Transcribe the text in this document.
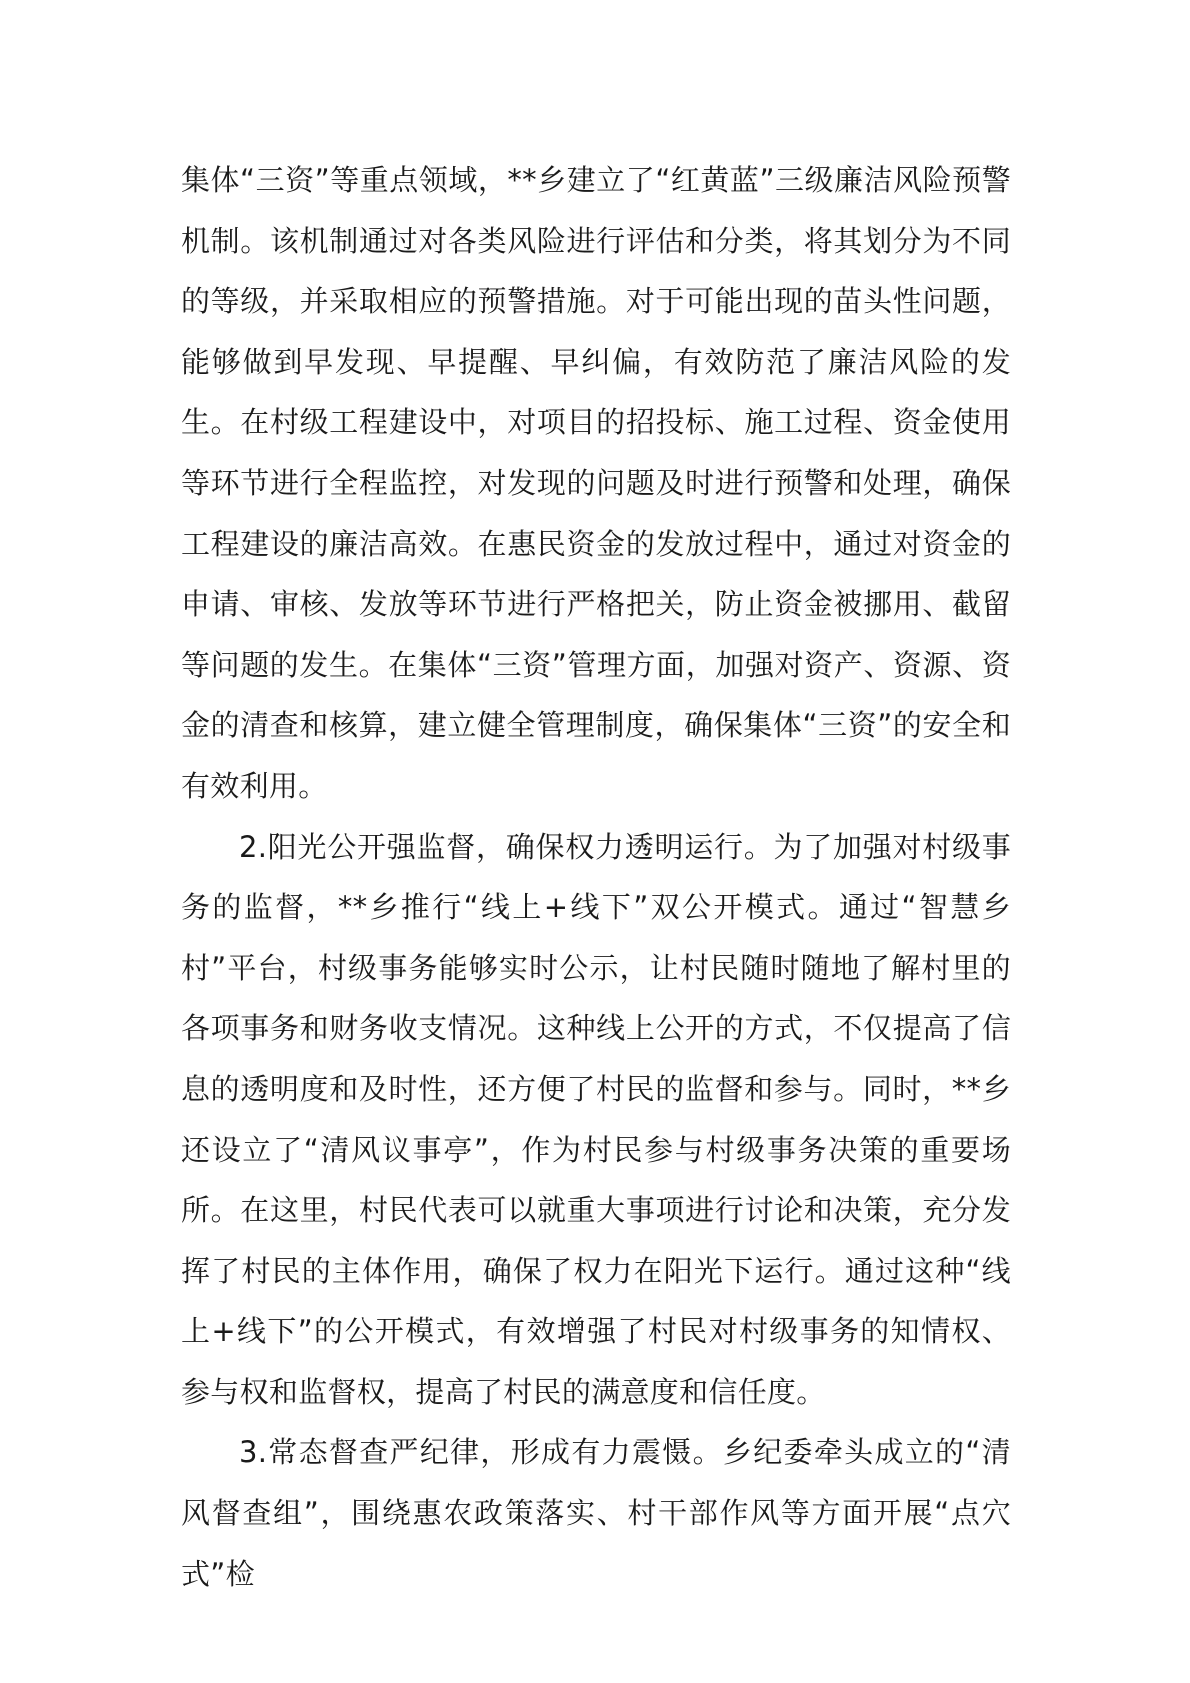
集体“三资”等重点领域，**乡建立了“红黄蓝”三级廉洁风险预警机制。该机制通过对各类风险进行评估和分类，将其划分为不同的等级，并采取相应的预警措施。对于可能出现的苗头性问题，能够做到早发现、早提醒、早纠偏，有效防范了廉洁风险的发生。在村级工程建设中，对项目的招投标、施工过程、资金使用等环节进行全程监控，对发现的问题及时进行预警和处理，确保工程建设的廉洁高效。在惠民资金的发放过程中，通过对资金的申请、审核、发放等环节进行严格把关，防止资金被挪用、截留等问题的发生。在集体“三资”管理方面，加强对资产、资源、资金的清查和核算，建立健全管理制度，确保集体“三资”的安全和有效利用。

2.阳光公开强监督，确保权力透明运行。为了加强对村级事务的监督，**乡推行“线上+线下”双公开模式。通过“智慧乡村”平台，村级事务能够实时公示，让村民随时随地了解村里的各项事务和财务收支情况。这种线上公开的方式，不仅提高了信息的透明度和及时性，还方便了村民的监督和参与。同时，**乡还设立了“清风议事亭”，作为村民参与村级事务决策的重要场所。在这里，村民代表可以就重大事项进行讨论和决策，充分发挥了村民的主体作用，确保了权力在阳光下运行。通过这种“线上+线下”的公开模式，有效增强了村民对村级事务的知情权、参与权和监督权，提高了村民的满意度和信任度。

3.常态督查严纪律，形成有力震慑。乡纪委牵头成立的“清风督查组”，围绕惠农政策落实、村干部作风等方面开展“点穴式”检
